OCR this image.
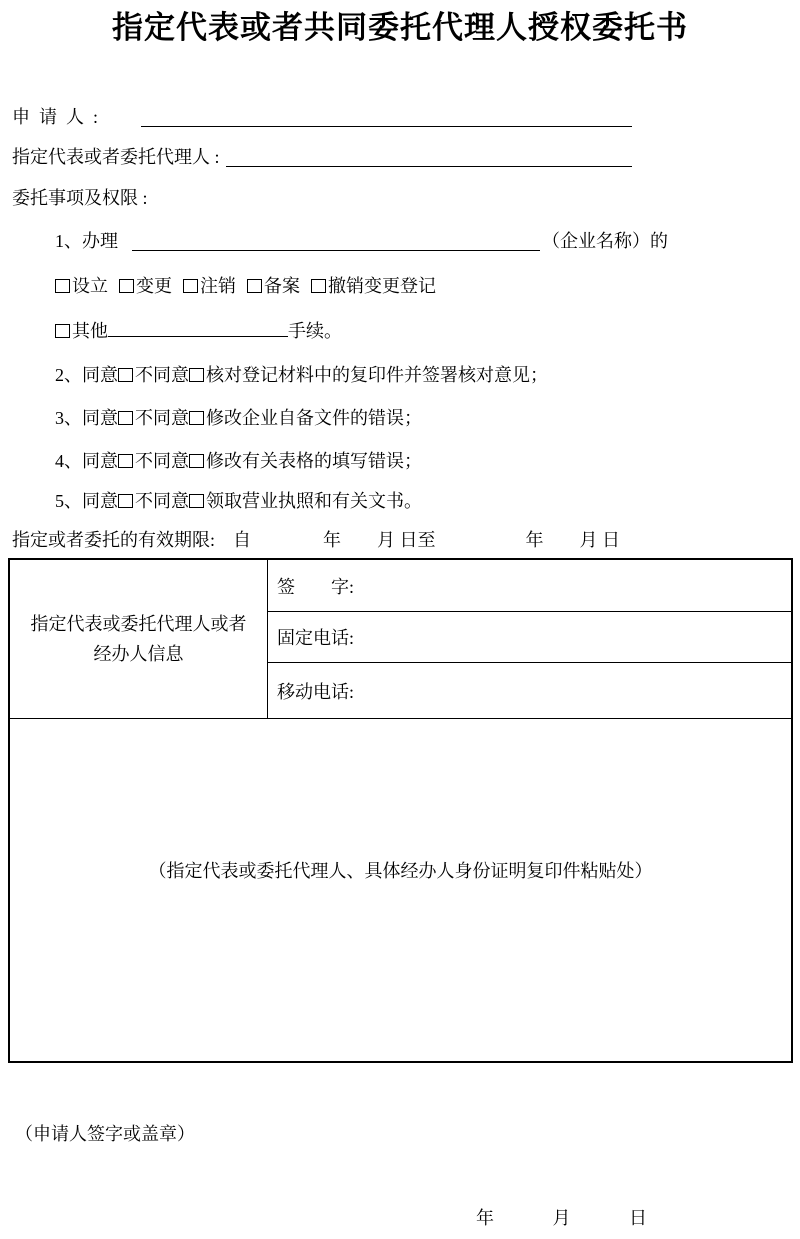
指定代表或者共同委托代理人授权委托书
申  请  人  :
指定代表或者委托代理人 :
委托事项及权限 :
1、办理	（企业名称）的
设立	变更	注销	备案	撤销变更登记
其他	手续。
2、同意 不同意 核对登记材料中的复印件并签署核对意见；
3、同意 不同意 修改企业自备文件的错误；
4、同意 不同意 修改有关表格的填写错误；
5、同意 不同意 领取营业执照和有关文书。
指定或者委托的有效期限:　自　　　　年　　月 日至　　　　　年　　月 日
指定代表或委托代理人或者
经办人信息
签　　字:
固定电话:
移动电话:
（指定代表或委托代理人、具体经办人身份证明复印件粘贴处）
（申请人签字或盖章）
年　　　 月　　　 日
